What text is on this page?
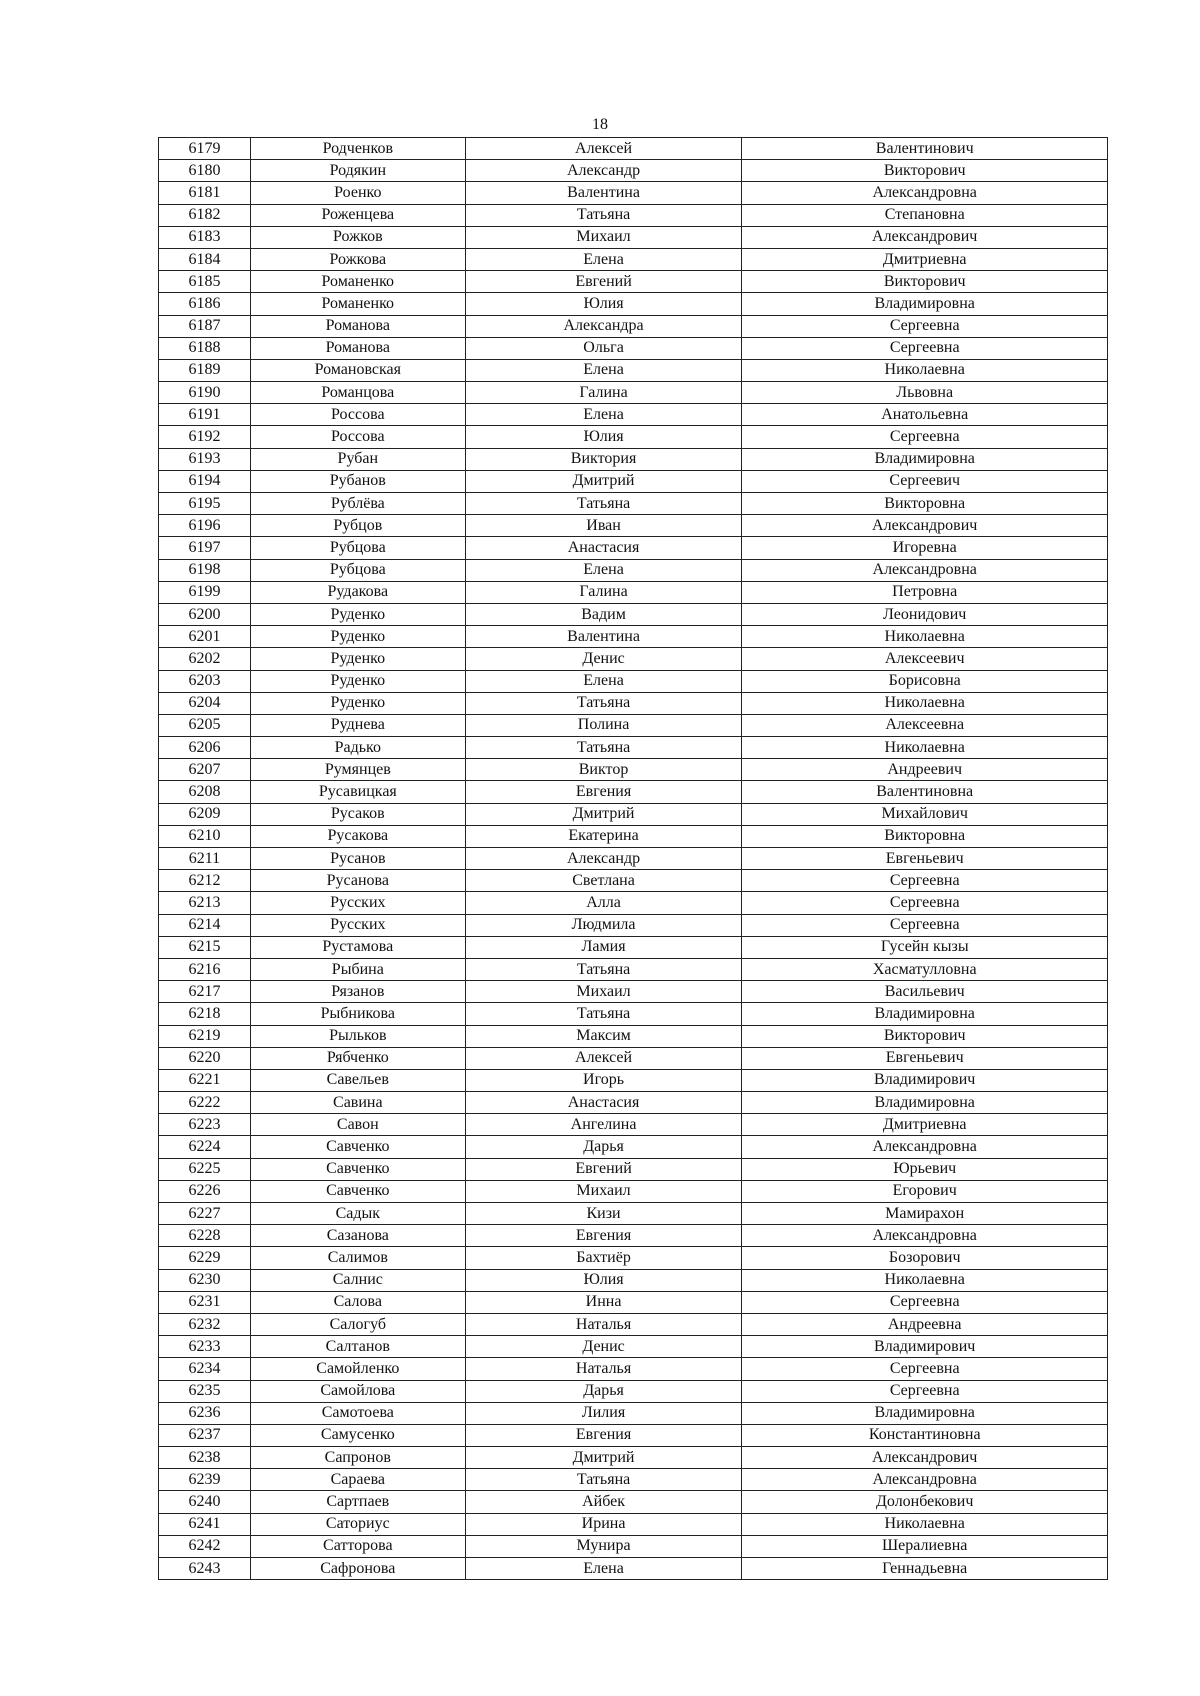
18
6179	Родченков	Алексей	Валентинович
6180	Родякин	Александр	Викторович
6181	Роенко	Валентина	Александровна
6182	Роженцева	Татьяна	Степановна
6183	Рожков	Михаил	Александрович
6184	Рожкова	Елена	Дмитриевна
6185	Романенко	Евгений	Викторович
6186	Романенко	Юлия	Владимировна
6187	Романова	Александра	Сергеевна
6188	Романова	Ольга	Сергеевна
6189	Романовская	Елена	Николаевна
6190	Романцова	Галина	Львовна
6191	Россова	Елена	Анатольевна
6192	Россова	Юлия	Сергеевна
6193	Рубан	Виктория	Владимировна
6194	Рубанов	Дмитрий	Сергеевич
6195	Рублёва	Татьяна	Викторовна
6196	Рубцов	Иван	Александрович
6197	Рубцова	Анастасия	Игоревна
6198	Рубцова	Елена	Александровна
6199	Рудакова	Галина	Петровна
6200	Руденко	Вадим	Леонидович
6201	Руденко	Валентина	Николаевна
6202	Руденко	Денис	Алексеевич
6203	Руденко	Елена	Борисовна
6204	Руденко	Татьяна	Николаевна
6205	Руднева	Полина	Алексеевна
6206	Радько	Татьяна	Николаевна
6207	Румянцев	Виктор	Андреевич
6208	Русавицкая	Евгения	Валентиновна
6209	Русаков	Дмитрий	Михайлович
6210	Русакова	Екатерина	Викторовна
6211	Русанов	Александр	Евгеньевич
6212	Русанова	Светлана	Сергеевна
6213	Русских	Алла	Сергеевна
6214	Русских	Людмила	Сергеевна
6215	Рустамова	Ламия	Гусейн кызы
6216	Рыбина	Татьяна	Хасматулловна
6217	Рязанов	Михаил	Васильевич
6218	Рыбникова	Татьяна	Владимировна
6219	Рыльков	Максим	Викторович
6220	Рябченко	Алексей	Евгеньевич
6221	Савельев	Игорь	Владимирович
6222	Савина	Анастасия	Владимировна
6223	Савон	Ангелина	Дмитриевна
6224	Савченко	Дарья	Александровна
6225	Савченко	Евгений	Юрьевич
6226	Савченко	Михаил	Егорович
6227	Садык	Кизи	Мамирахон
6228	Сазанова	Евгения	Александровна
6229	Салимов	Бахтиёр	Бозорович
6230	Салнис	Юлия	Николаевна
6231	Салова	Инна	Сергеевна
6232	Салогуб	Наталья	Андреевна
6233	Салтанов	Денис	Владимирович
6234	Самойленко	Наталья	Сергеевна
6235	Самойлова	Дарья	Сергеевна
6236	Самотоева	Лилия	Владимировна
6237	Самусенко	Евгения	Константиновна
6238	Сапронов	Дмитрий	Александрович
6239	Сараева	Татьяна	Александровна
6240	Сартпаев	Айбек	Долонбекович
6241	Саториус	Ирина	Николаевна
6242	Сатторова	Мунира	Шералиевна
6243	Сафронова	Елена	Геннадьевна
